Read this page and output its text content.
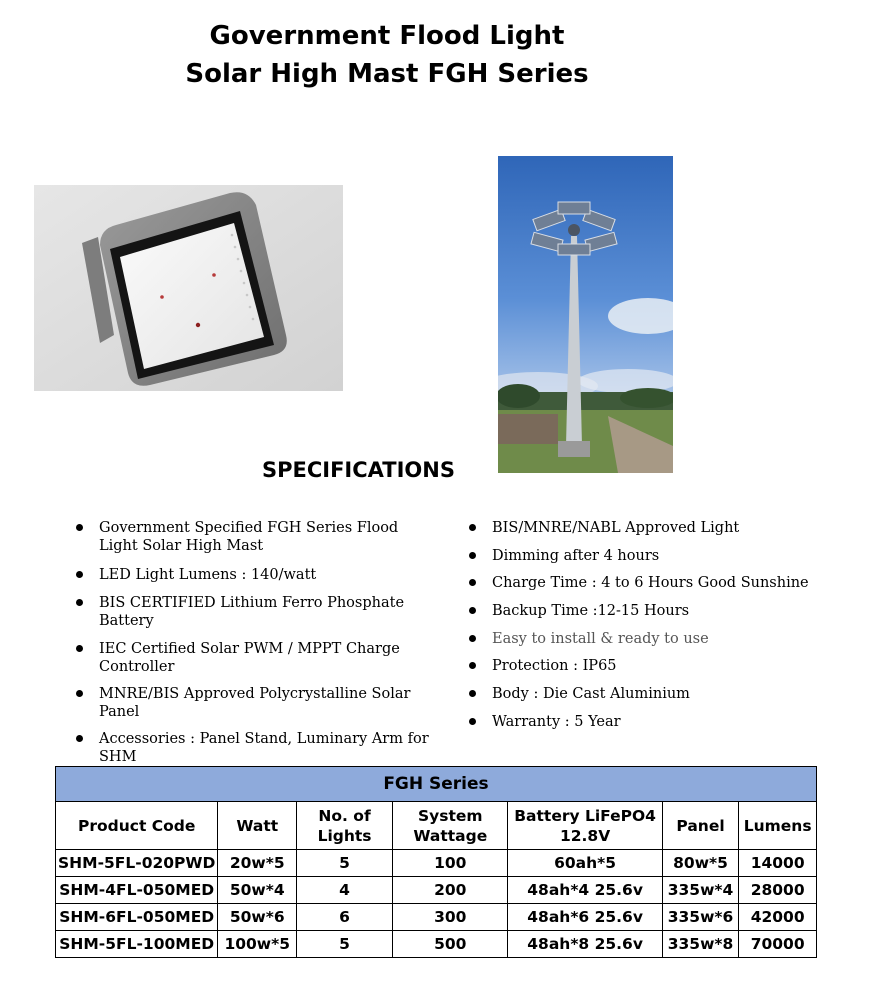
Government Flood Light
Solar High Mast FGH Series
SPECIFICATIONS
Government Specified FGH Series Flood Light Solar High Mast
LED Light Lumens : 140/watt
BIS CERTIFIED Lithium Ferro Phosphate Battery
IEC Certified Solar PWM / MPPT Charge Controller
MNRE/BIS Approved Polycrystalline Solar Panel
Accessories : Panel Stand, Luminary Arm for SHM
BIS/MNRE/NABL Approved Light
Dimming after 4 hours
Charge Time : 4 to 6 Hours Good Sunshine
Backup Time :12-15 Hours
Easy to install & ready to use
Protection : IP65
Body : Die Cast Aluminium
Warranty : 5 Year
FGH Series						
Product Code	Watt	No. of Lights	System Wattage	Battery LiFePO4 12.8V	Panel	Lumens
SHM-5FL-020PWD	20w*5	5	100	60ah*5	80w*5	14000
SHM-4FL-050MED	50w*4	4	200	48ah*4 25.6v	335w*4	28000
SHM-6FL-050MED	50w*6	6	300	48ah*6 25.6v	335w*6	42000
SHM-5FL-100MED	100w*5	5	500	48ah*8 25.6v	335w*8	70000
